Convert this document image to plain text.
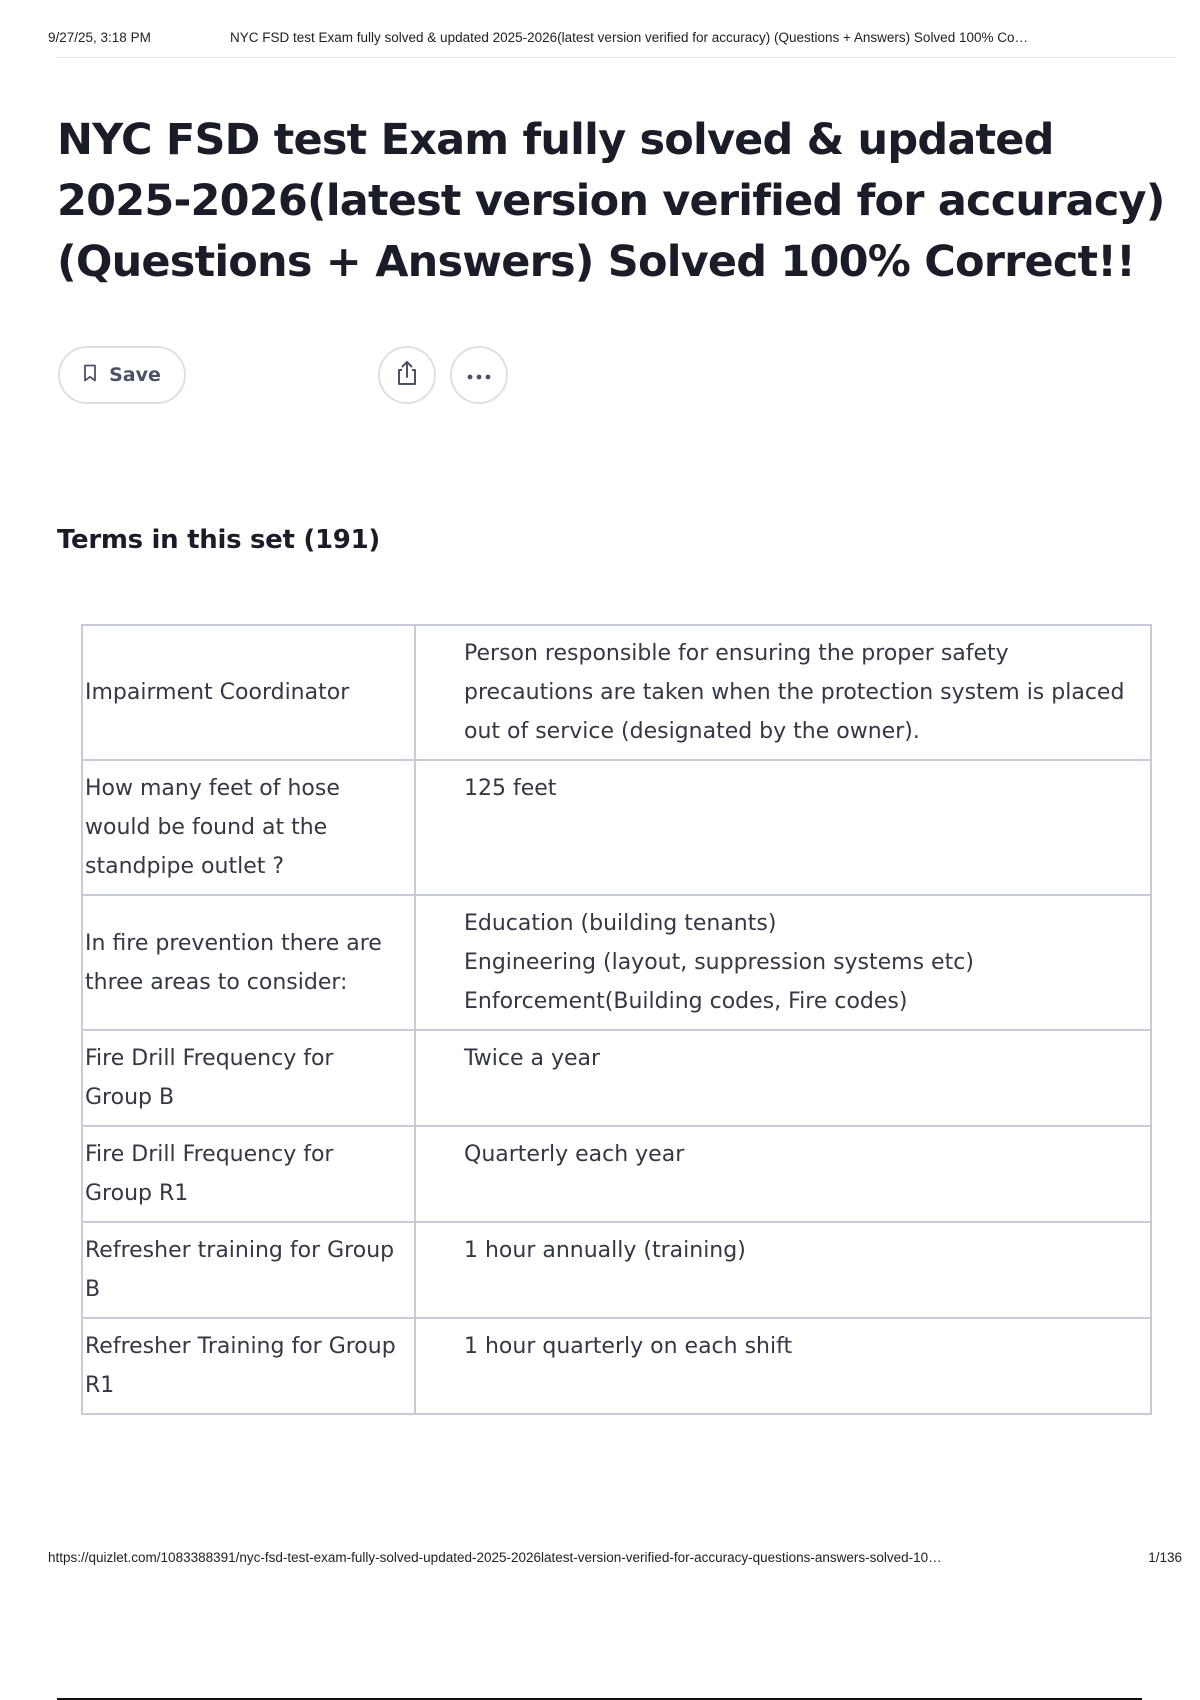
9/27/25, 3:18 PM	NYC FSD test Exam fully solved & updated 2025-2026(latest version verified for accuracy) (Questions + Answers) Solved 100% Co…
NYC FSD test Exam fully solved & updated 2025-2026(latest version verified for accuracy) (Questions + Answers) Solved 100% Correct!!
Save
Terms in this set (191)
Impairment Coordinator	Person responsible for ensuring the proper safety precautions are taken when the protection system is placed out of service (designated by the owner).

How many feet of hose would be found at the standpipe outlet ?	125 feet

In fire prevention there are three areas to consider:	Education (building tenants)
Engineering (layout, suppression systems etc)
Enforcement(Building codes, Fire codes)

Fire Drill Frequency for Group B	Twice a year

Fire Drill Frequency for Group R1	Quarterly each year

Refresher training for Group B	1 hour annually (training)

Refresher Training for Group R1	1 hour quarterly on each shift
https://quizlet.com/1083388391/nyc-fsd-test-exam-fully-solved-updated-2025-2026latest-version-verified-for-accuracy-questions-answers-solved-10…	1/136
